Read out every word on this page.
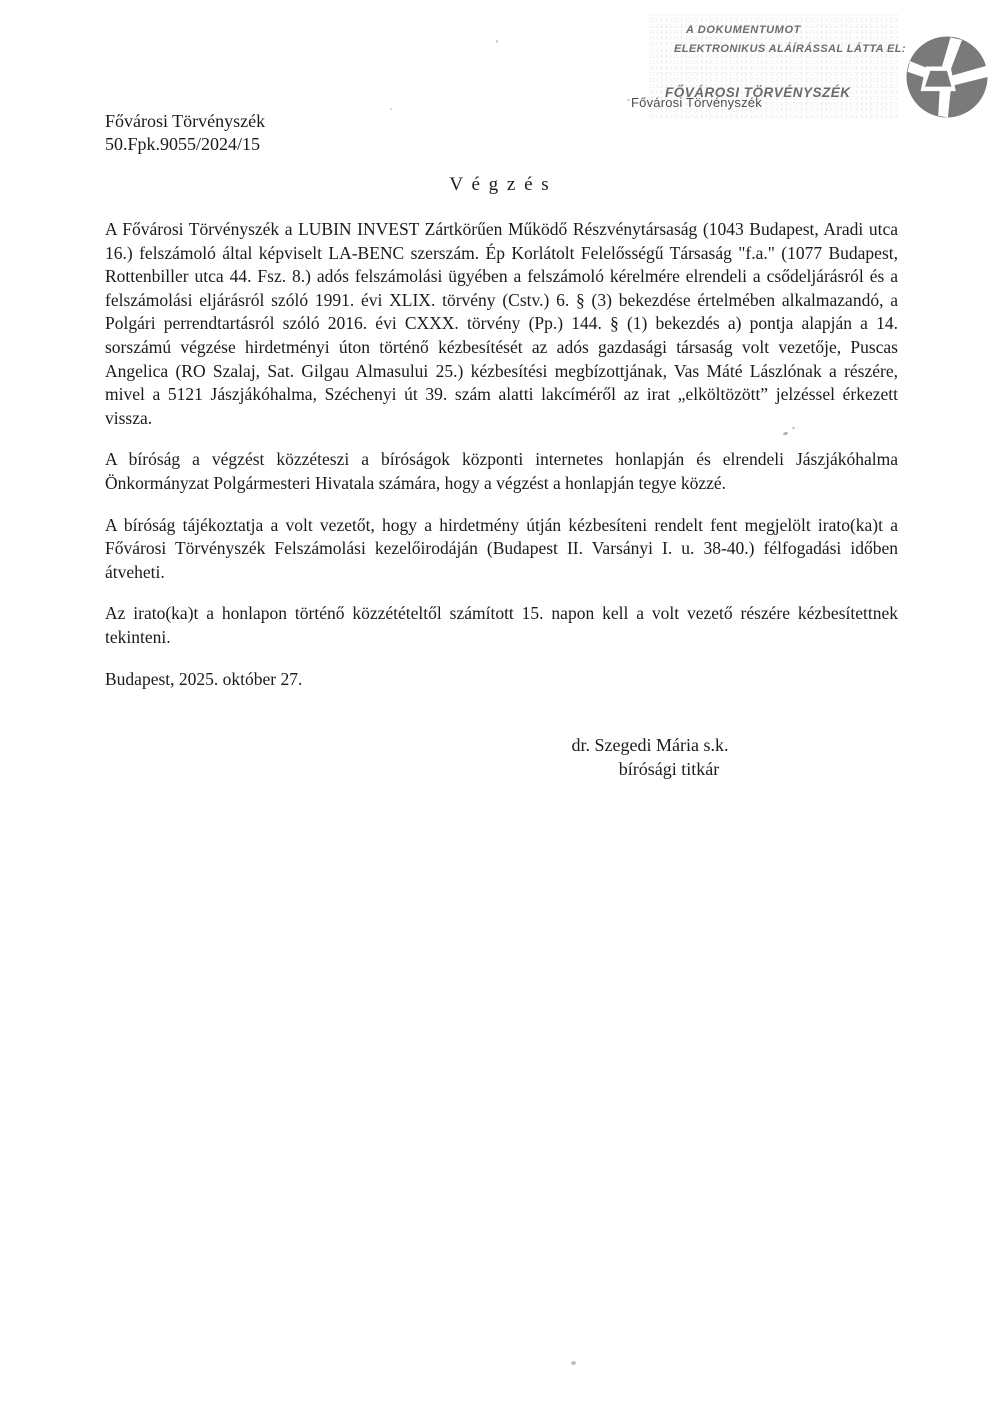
A DOKUMENTUMOT
ELEKTRONIKUS ALÁÍRÁSSAL LÁTTA EL:
FŐVÁROSI TÖRVÉNYSZÉK
Fővárosi Törvényszék
Fővárosi Törvényszék
50.Fpk.9055/2024/15
V é g z é s

A Fővárosi Törvényszék a LUBIN INVEST Zártkörűen Működő Részvénytársaság (1043 Budapest, Aradi utca 16.) felszámoló által képviselt LA-BENC szerszám. Ép Korlátolt Felelősségű Társaság "f.a." (1077 Budapest, Rottenbiller utca 44. Fsz. 8.) adós felszámolási ügyében a felszámoló kérelmére elrendeli a csődeljárásról és a felszámolási eljárásról szóló 1991. évi XLIX. törvény (Cstv.) 6. § (3) bekezdése értelmében alkalmazandó, a Polgári perrendtartásról szóló 2016. évi CXXX. törvény (Pp.) 144. § (1) bekezdés a) pontja alapján a 14. sorszámú végzése hirdetményi úton történő kézbesítését az adós gazdasági társaság volt vezetője, Puscas Angelica (RO Szalaj, Sat. Gilgau Almasului 25.) kézbesítési megbízottjának, Vas Máté Lászlónak a részére, mivel a 5121 Jászjákóhalma, Széchenyi út 39. szám alatti lakcíméről az irat „elköltözött” jelzéssel érkezett vissza.

A bíróság a végzést közzéteszi a bíróságok központi internetes honlapján és elrendeli Jászjákóhalma Önkormányzat Polgármesteri Hivatala számára, hogy a végzést a honlapján tegye közzé.

A bíróság tájékoztatja a volt vezetőt, hogy a hirdetmény útján kézbesíteni rendelt fent megjelölt irato(ka)t a Fővárosi Törvényszék Felszámolási kezelőirodáján (Budapest II. Varsányi I. u. 38-40.) félfogadási időben átveheti.

Az irato(ka)t a honlapon történő közzétételtől számított 15. napon kell a volt vezető részére kézbesítettnek tekinteni.

Budapest, 2025. október 27.

dr. Szegedi Mária s.k.
bírósági titkár
